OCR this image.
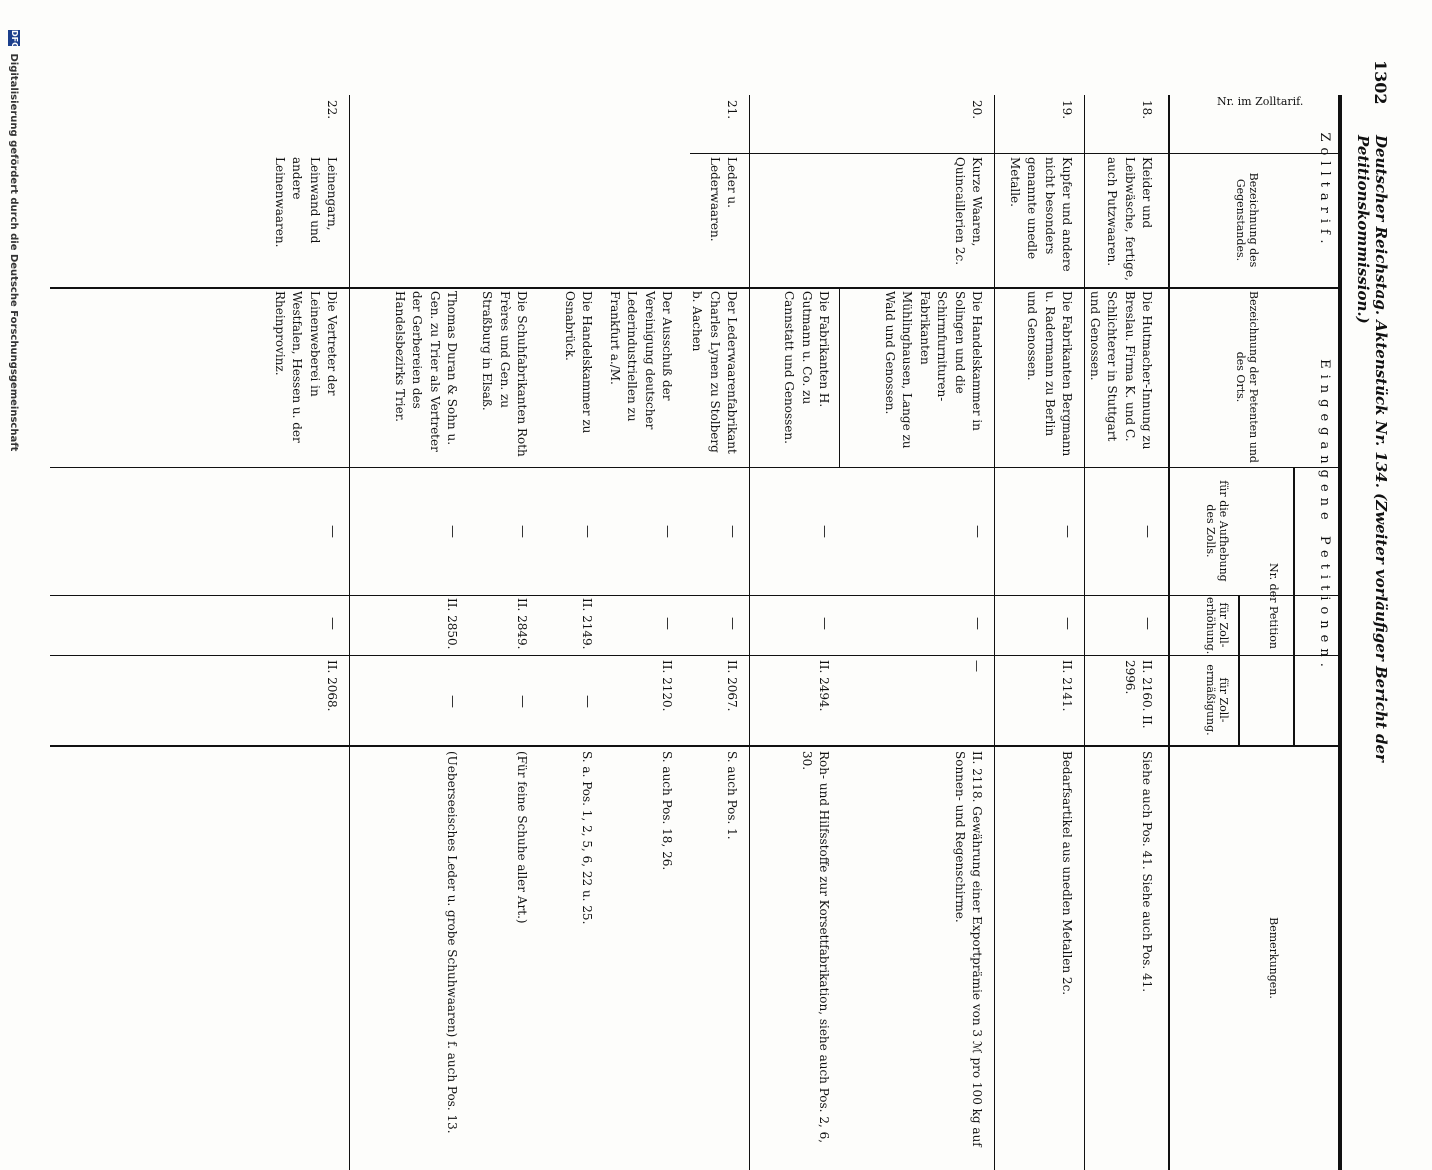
1302
Deutscher Reichstag. Aktenstück Nr. 134. (Zweiter vorläufiger Bericht der Petitionskommission.)
Zolltarif.
Eingegangene Petitionen.
Nr. der Petition
Nr. im Zolltarif.
Bezeichnung des Gegenstandes.
Bezeichnung der Petenten und des Orts.
für die Aufhebung des Zolls.
für Zoll-erhöhung.
für Zoll-ermäßigung.
Bemerkungen.
18.
Kleider und Leibwäsche, fertige, auch Putzwaaren.
Die Hutmacher-Innung zu Breslau. Firma K. und C. Schlichterer in Stuttgart und Genossen.
—
—
II. 2160. II. 2996.
Siehe auch Pos. 41. Siehe auch Pos. 41.
19.
Kupfer und andere nicht besonders genannte unedle Metalle.
Die Fabrikanten Bergmann u. Radermann zu Berlin und Genossen.
—
—
II. 2141.
Bedarfsartikel aus unedlen Metallen 2c.
20.
Kurze Waaren, Quincaillerien 2c.
Die Handelskammer in Solingen und die Schirmfurnituren-Fabrikanten Mühlinghausen, Lange zu Wald und Genossen.
—
—
—
II. 2118. Gewährung einer Exportprämie von 3 ℳ pro 100 kg auf Sonnen- und Regenschirme.
Die Fabrikanten H. Gutmann u. Co. zu Cannstatt und Genossen.
—
—
II. 2494.
Roh- und Hilfsstoffe zur Korsettfabrikation, siehe auch Pos. 2, 6, 30.
21.
Leder u. Lederwaaren.
Der Lederwaarenfabrikant Charles Lynen zu Stolberg b. Aachen
—
—
II. 2067.
S. auch Pos. 1.
Der Ausschuß der Vereinigung deutscher Lederindustriellen zu Frankfurt a./M.
—
—
II. 2120.
S. auch Pos. 18, 26.
Die Handelskammer zu Osnabrück.
—
II. 2149.
—
S. a. Pos. 1, 2, 5, 6, 22 u. 25.
Die Schuhfabrikanten Roth Frères und Gen. zu Straßburg in Elsaß.
—
II. 2849.
—
(Für feine Schuhe aller Art.)
Thomas Duran & Sohn u. Gen. zu Trier als Vertreter der Gerbereien des Handelsbezirks Trier.
—
II. 2850.
—
(Ueberseeisches Leder u. grobe Schuhwaaren) f. auch Pos. 13.
22.
Leinengarn, Leinwand und andere Leinenwaaren.
Die Vertreter der Leinenweberei in Westfalen, Hessen u. der Rheinprovinz.
—
—
II. 2068.
DFG Digitalisierung gefördert durch die Deutsche Forschungsgemeinschaft
